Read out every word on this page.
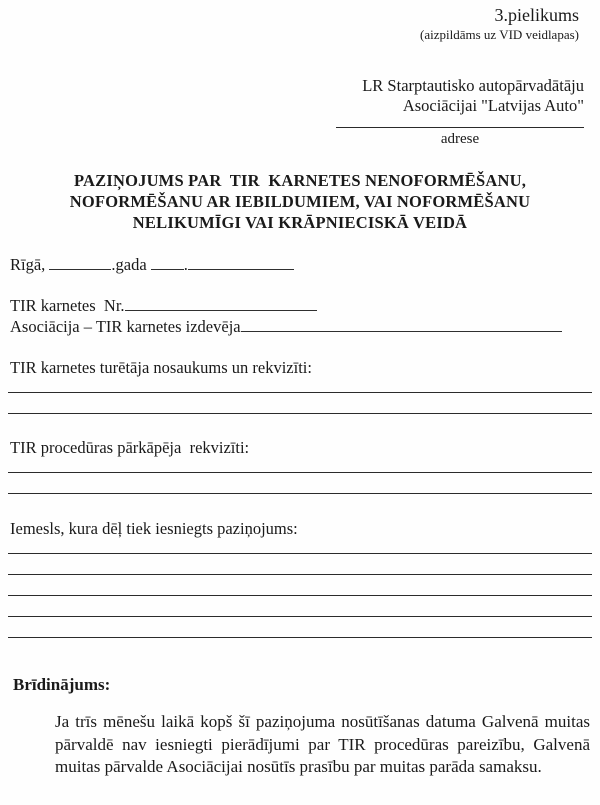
3.pielikums
(aizpildāms uz VID veidlapas)
LR Starptautisko autopārvadātāju
Asociācijai "Latvijas Auto"
adrese
PAZIŅOJUMS PAR  TIR  KARNETES NENOFORMĒŠANU,
NOFORMĒŠANU AR IEBILDUMIEM, VAI NOFORMĒŠANU
NELIKUMĪGI VAI KRĀPNIECISKĀ VEIDĀ
Rīgā,	.gada .
TIR karnetes  Nr.
Asociācija – TIR karnetes izdevēja
TIR karnetes turētāja nosaukums un rekvizīti:
TIR procedūras pārkāpēja  rekvizīti:
Iemesls, kura dēļ tiek iesniegts paziņojums:
Brīdinājums:

Ja trīs mēnešu laikā kopš šī paziņojuma nosūtīšanas datuma Galvenā muitas pārvaldē nav iesniegti pierādījumi par TIR procedūras pareizību, Galvenā muitas pārvalde Asociācijai nosūtīs prasību par muitas parāda samaksu.
